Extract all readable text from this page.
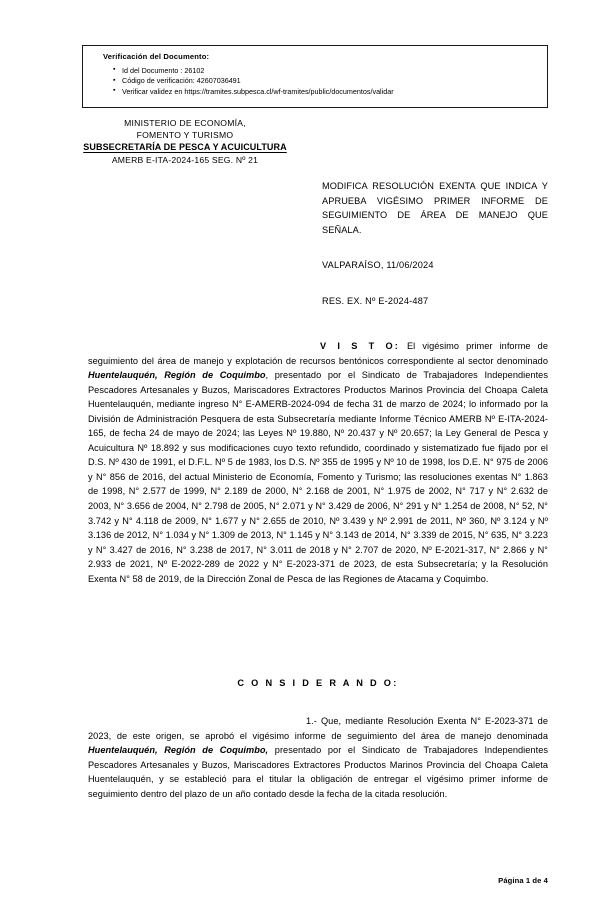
Verificación del Documento:
▪ Id del Documento : 26102
▪ Código de verificación: 42607036491
▪ Verificar validez en https://tramites.subpesca.cl/wf-tramites/public/documentos/validar
MINISTERIO DE ECONOMÍA,
FOMENTO Y TURISMO
SUBSECRETARÍA DE PESCA Y ACUICULTURA
AMERB E-ITA-2024-165 SEG. Nº 21
MODIFICA RESOLUCIÓN EXENTA QUE INDICA Y APRUEBA VIGÉSIMO PRIMER INFORME DE SEGUIMIENTO DE ÁREA DE MANEJO QUE SEÑALA.
VALPARAÍSO, 11/06/2024
RES. EX. Nº E-2024-487
V I S T O: El vigésimo primer informe de seguimiento del área de manejo y explotación de recursos bentónicos correspondiente al sector denominado Huentelauquén, Región de Coquimbo, presentado por el Sindicato de Trabajadores Independientes Pescadores Artesanales y Buzos, Mariscadores Extractores Productos Marinos Provincia del Choapa Caleta Huentelauquén, mediante ingreso N° E-AMERB-2024-094 de fecha 31 de marzo de 2024; lo informado por la División de Administración Pesquera de esta Subsecretaría mediante Informe Técnico AMERB Nº E-ITA-2024-165, de fecha 24 de mayo de 2024; las Leyes Nº 19.880, Nº 20.437 y Nº 20.657; la Ley General de Pesca y Acuicultura Nº 18.892 y sus modificaciones cuyo texto refundido, coordinado y sistematizado fue fijado por el D.S. Nº 430 de 1991, el D.F.L. Nº 5 de 1983, los D.S. Nº 355 de 1995 y Nº 10 de 1998, los D.E. N° 975 de 2006 y N° 856 de 2016, del actual Ministerio de Economía, Fomento y Turismo; las resoluciones exentas N° 1.863 de 1998, N° 2.577 de 1999, N° 2.189 de 2000, N° 2.168 de 2001, N° 1.975 de 2002, N° 717 y N° 2.632 de 2003, N° 3.656 de 2004, N° 2.798 de 2005, N° 2.071 y N° 3.429 de 2006, N° 291 y N° 1.254 de 2008, N° 52, N° 3.742 y N° 4.118 de 2009, N° 1.677 y N° 2.655 de 2010, Nº 3.439 y Nº 2.991 de 2011, Nº 360, Nº 3.124 y Nº 3.136 de 2012, N° 1.034 y N° 1.309 de 2013, N° 1.145 y N° 3.143 de 2014, N° 3.339 de 2015, N° 635, N° 3.223 y N° 3.427 de 2016, N° 3.238 de 2017, N° 3.011 de 2018 y N° 2.707 de 2020, Nº E-2021-317, N° 2.866 y N° 2.933 de 2021, Nº E-2022-289 de 2022 y N° E-2023-371 de 2023, de esta Subsecretaría; y la Resolución Exenta N° 58 de 2019, de la Dirección Zonal de Pesca de las Regiones de Atacama y Coquimbo.
C O N S I D E R A N D O:
1.- Que, mediante Resolución Exenta N° E-2023-371 de 2023, de este origen, se aprobó el vigésimo informe de seguimiento del área de manejo denominada Huentelauquén, Región de Coquimbo, presentado por el Sindicato de Trabajadores Independientes Pescadores Artesanales y Buzos, Mariscadores Extractores Productos Marinos Provincia del Choapa Caleta Huentelauquén, y se estableció para el titular la obligación de entregar el vigésimo primer informe de seguimiento dentro del plazo de un año contado desde la fecha de la citada resolución.
Página 1 de 4
